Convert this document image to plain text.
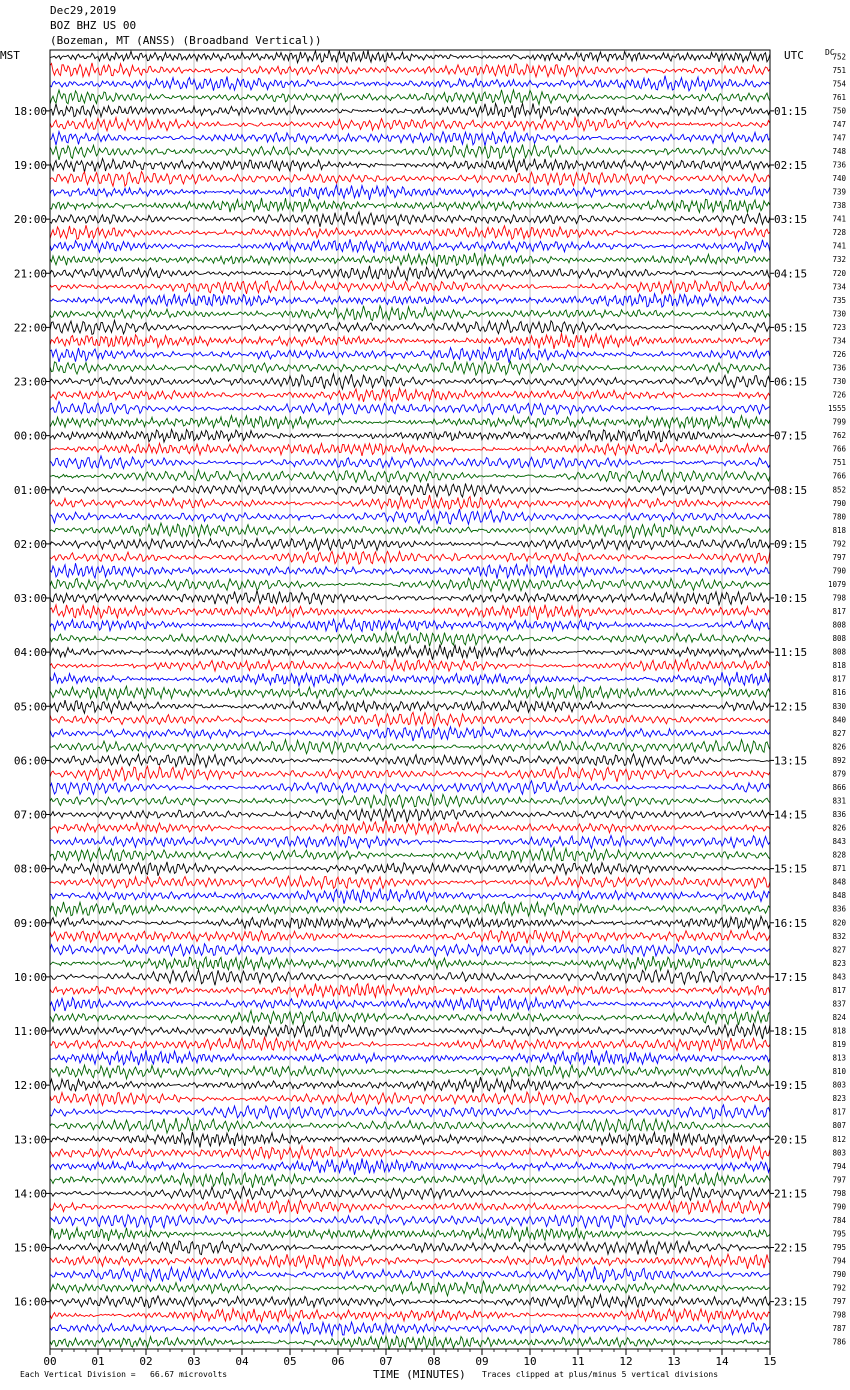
Dec29,2019
BOZ BHZ US 00
(Bozeman, MT (ANSS) (Broadband Vertical))
MST	UTC	DC
752
751
754
761
750
747
747
748
736
740
739
738
741
728
741
732
720
734
735
730
723
734
726
736
730
726
1555
799
762
766
751
766
852
790
780
818
792
797
790
1079
798
817
808
808
808
818
817
816
830
840
827
826
892
879
866
831
836
826
843
828
871
848
848
836
820
832
827
823
843
817
837
824
818
819
813
810
803
823
817
807
812
803
794
797
798
790
784
795
795
794
790
792
797
798
787
786
18:00	01:15
19:00	02:15
20:00	03:15
21:00	04:15
22:00	05:15
23:00	06:15
00:00	07:15
01:00	08:15
02:00	09:15
03:00	10:15
04:00	11:15
05:00	12:15
06:00	13:15
07:00	14:15
08:00	15:15
09:00	16:15
10:00	17:15
11:00	18:15
12:00	19:15
13:00	20:15
14:00	21:15
15:00	22:15
16:00	23:15
00	01	02	03	04	05	06	07	08	09	10	11	12	13	14	15
Each Vertical Division =   66.67 microvolts	TIME (MINUTES) Traces clipped at plus/minus 5 vertical divisions
